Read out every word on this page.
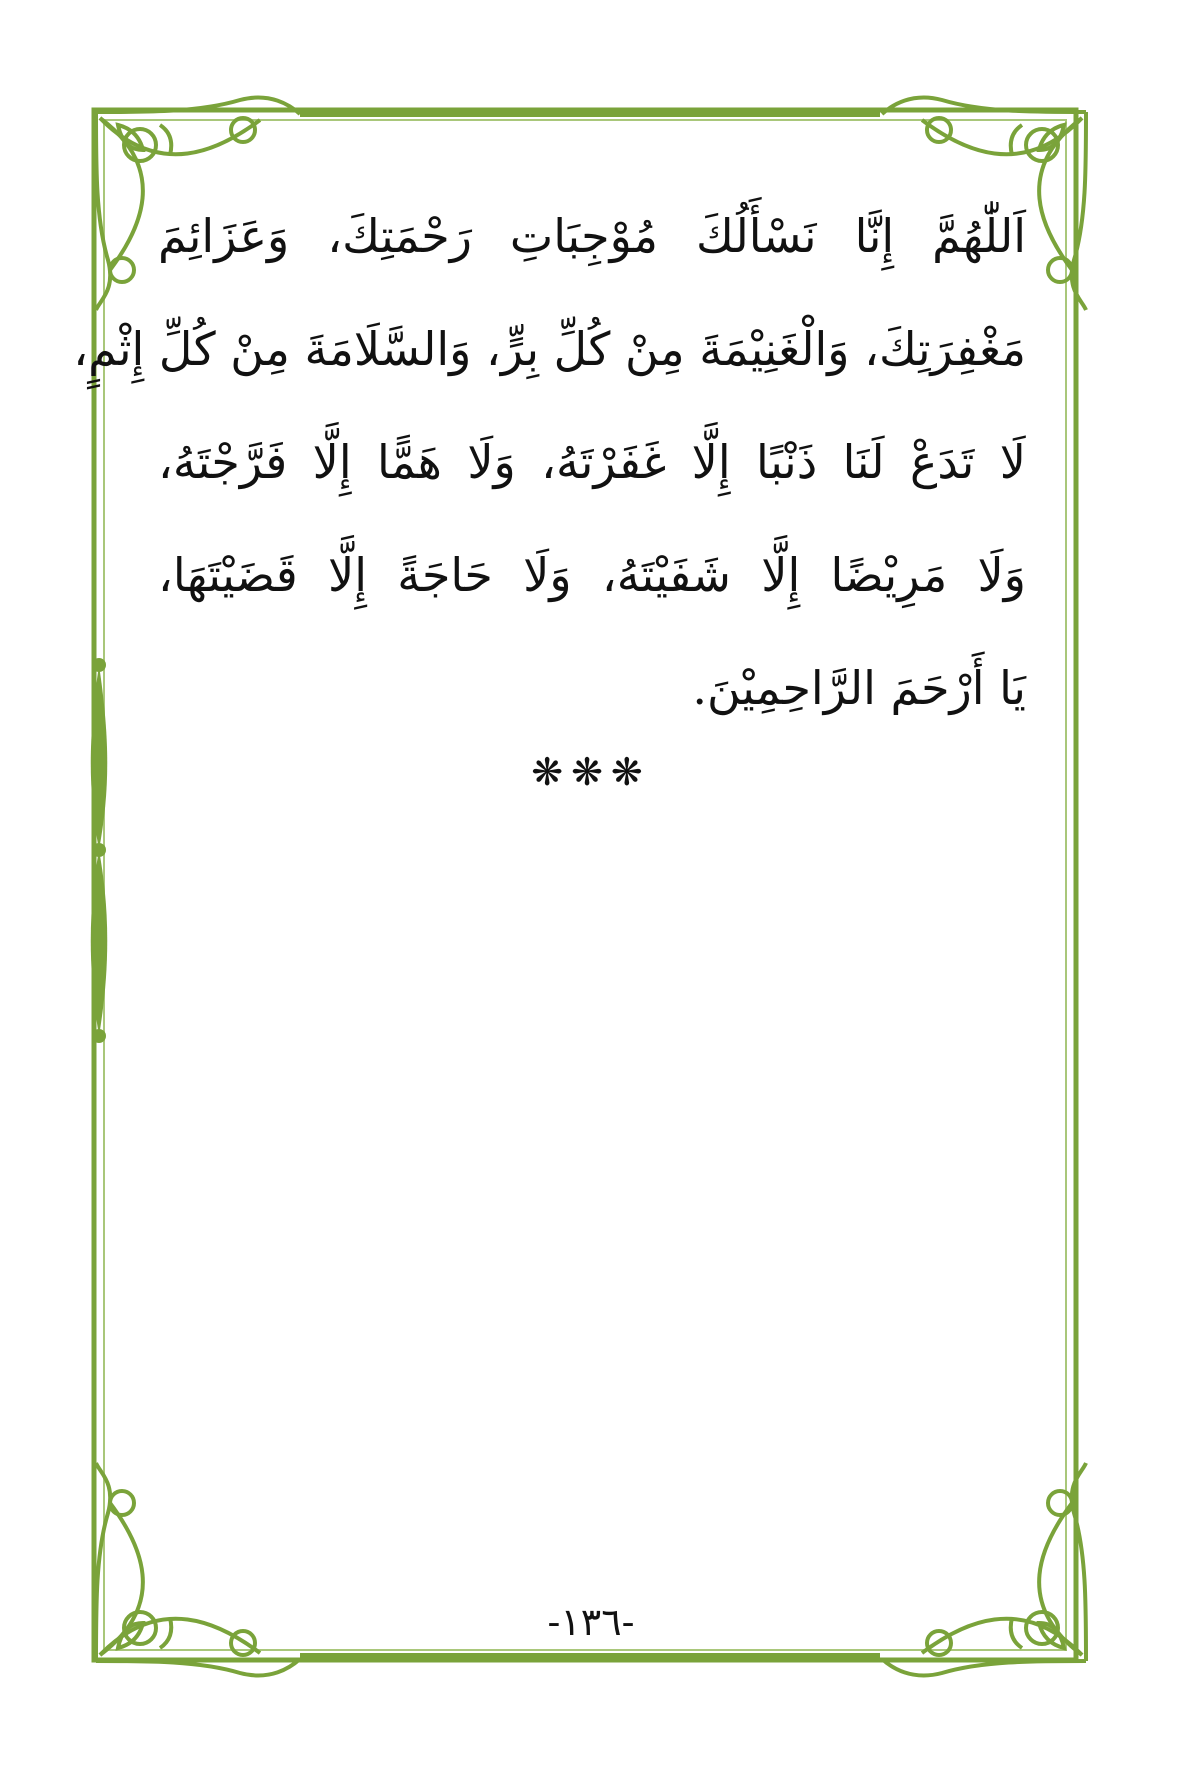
اَللّٰهُمَّ إِنَّا نَسْأَلُكَ مُوْجِبَاتِ رَحْمَتِكَ، وَعَزَائِمَ
مَغْفِرَتِكَ، وَالْغَنِيْمَةَ مِنْ كُلِّ بِرٍّ، وَالسَّلَامَةَ مِنْ كُلِّ إِثْمٍ،
لَا تَدَعْ لَنَا ذَنْبًا إِلَّا غَفَرْتَهُ، وَلَا هَمًّا إِلَّا فَرَّجْتَهُ،
وَلَا مَرِيْضًا إِلَّا شَفَيْتَهُ، وَلَا حَاجَةً إِلَّا قَضَيْتَهَا،
يَا أَرْحَمَ الرَّاحِمِيْنَ.
❋❋❋
-١٣٦-
